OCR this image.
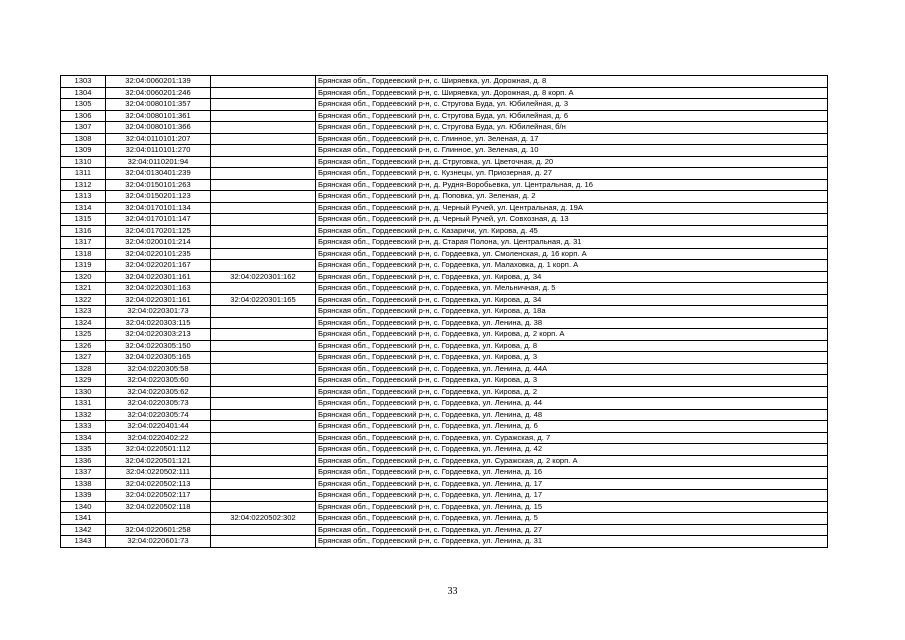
1303	32:04:0060201:139		Брянская обл., Гордеевский р-н, с. Ширяевка, ул. Дорожная, д. 8
1304	32:04:0060201:246		Брянская обл., Гордеевский р-н, с. Ширяевка, ул. Дорожная, д. 8 корп. А
1305	32:04:0080101:357		Брянская обл., Гордеевский р-н, с. Стругова Буда, ул. Юбилейная, д. 3
1306	32:04:0080101:361		Брянская обл., Гордеевский р-н, с. Стругова Буда, ул. Юбилейная, д. 6
1307	32:04:0080101:366		Брянская обл., Гордеевский р-н, с. Стругова Буда, ул. Юбилейная, б/н
1308	32:04:0110101:207		Брянская обл., Гордеевский р-н, с. Глинное, ул. Зеленая, д. 17
1309	32:04:0110101:270		Брянская обл., Гордеевский р-н, с. Глинное, ул. Зеленая, д. 10
1310	32:04:0110201:94		Брянская обл., Гордеевский р-н, д. Струговка, ул. Цветочная, д. 20
1311	32:04:0130401:239		Брянская обл., Гордеевский р-н, с. Кузнецы, ул. Приозерная, д. 27
1312	32:04:0150101:263		Брянская обл., Гордеевский р-н, д. Рудня-Воробьевка, ул. Центральная, д. 16
1313	32:04:0150201:123		Брянская обл., Гордеевский р-н, д. Поповка, ул. Зеленая, д. 2
1314	32:04:0170101:134		Брянская обл., Гордеевский р-н, д. Черный Ручей, ул. Центральная, д. 19А
1315	32:04:0170101:147		Брянская обл., Гордеевский р-н, д. Черный Ручей, ул. Совхозная, д. 13
1316	32:04:0170201:125		Брянская обл., Гордеевский р-н, с. Казаричи, ул. Кирова, д. 45
1317	32:04:0200101:214		Брянская обл., Гордеевский р-н, д. Старая Полона, ул. Центральная, д. 31
1318	32:04:0220101:235		Брянская обл., Гордеевский р-н, с. Гордеевка, ул. Смоленская, д. 16 корп. А
1319	32:04:0220201:167		Брянская обл., Гордеевский р-н, с. Гордеевка, ул. Малаховка, д. 1 корп. А
1320	32:04:0220301:161	32:04:0220301:162	Брянская обл., Гордеевский р-н, с. Гордеевка, ул. Кирова, д. 34
1321	32:04:0220301:163		Брянская обл., Гордеевский р-н, с. Гордеевка, ул. Мельничная, д. 5
1322	32:04:0220301:161	32:04:0220301:165	Брянская обл., Гордеевский р-н, с. Гордеевка, ул. Кирова, д. 34
1323	32:04:0220301:73		Брянская обл., Гордеевский р-н, с. Гордеевка, ул. Кирова, д. 18а
1324	32:04:0220303:115		Брянская обл., Гордеевский р-н, с. Гордеевка, ул. Ленина, д. 38
1325	32:04:0220303:213		Брянская обл., Гордеевский р-н, с. Гордеевка, ул. Кирова, д. 2 корп. А
1326	32:04:0220305:150		Брянская обл., Гордеевский р-н, с. Гордеевка, ул. Кирова, д. 8
1327	32:04:0220305:165		Брянская обл., Гордеевский р-н, с. Гордеевка, ул. Кирова, д. 3
1328	32:04:0220305:58		Брянская обл., Гордеевский р-н, с. Гордеевка, ул. Ленина, д. 44А
1329	32:04:0220305:60		Брянская обл., Гордеевский р-н, с. Гордеевка, ул. Кирова, д. 3
1330	32:04:0220305:62		Брянская обл., Гордеевский р-н, с. Гордеевка, ул. Кирова, д. 2
1331	32:04:0220305:73		Брянская обл., Гордеевский р-н, с. Гордеевка, ул. Ленина, д. 44
1332	32:04:0220305:74		Брянская обл., Гордеевский р-н, с. Гордеевка, ул. Ленина, д. 48
1333	32:04:0220401:44		Брянская обл., Гордеевский р-н, с. Гордеевка, ул. Ленина, д. 6
1334	32:04:0220402:22		Брянская обл., Гордеевский р-н, с. Гордеевка, ул. Суражская, д. 7
1335	32:04:0220501:112		Брянская обл., Гордеевский р-н, с. Гордеевка, ул. Ленина, д. 42
1336	32:04:0220501:121		Брянская обл., Гордеевский р-н, с. Гордеевка, ул. Суражская, д. 2 корп. А
1337	32:04:0220502:111		Брянская обл., Гордеевский р-н, с. Гордеевка, ул. Ленина, д. 16
1338	32:04:0220502:113		Брянская обл., Гордеевский р-н, с. Гордеевка, ул. Ленина, д. 17
1339	32:04:0220502:117		Брянская обл., Гордеевский р-н, с. Гордеевка, ул. Ленина, д. 17
1340	32:04:0220502:118		Брянская обл., Гордеевский р-н, с. Гордеевка, ул. Ленина, д. 15
1341		32:04:0220502:302	Брянская обл., Гордеевский р-н, с. Гордеевка, ул. Ленина, д. 5
1342	32:04:0220601:258		Брянская обл., Гордеевский р-н, с. Гордеевка, ул. Ленина, д. 27
1343	32:04:0220601:73		Брянская обл., Гордеевский р-н, с. Гордеевка, ул. Ленина, д. 31
33
